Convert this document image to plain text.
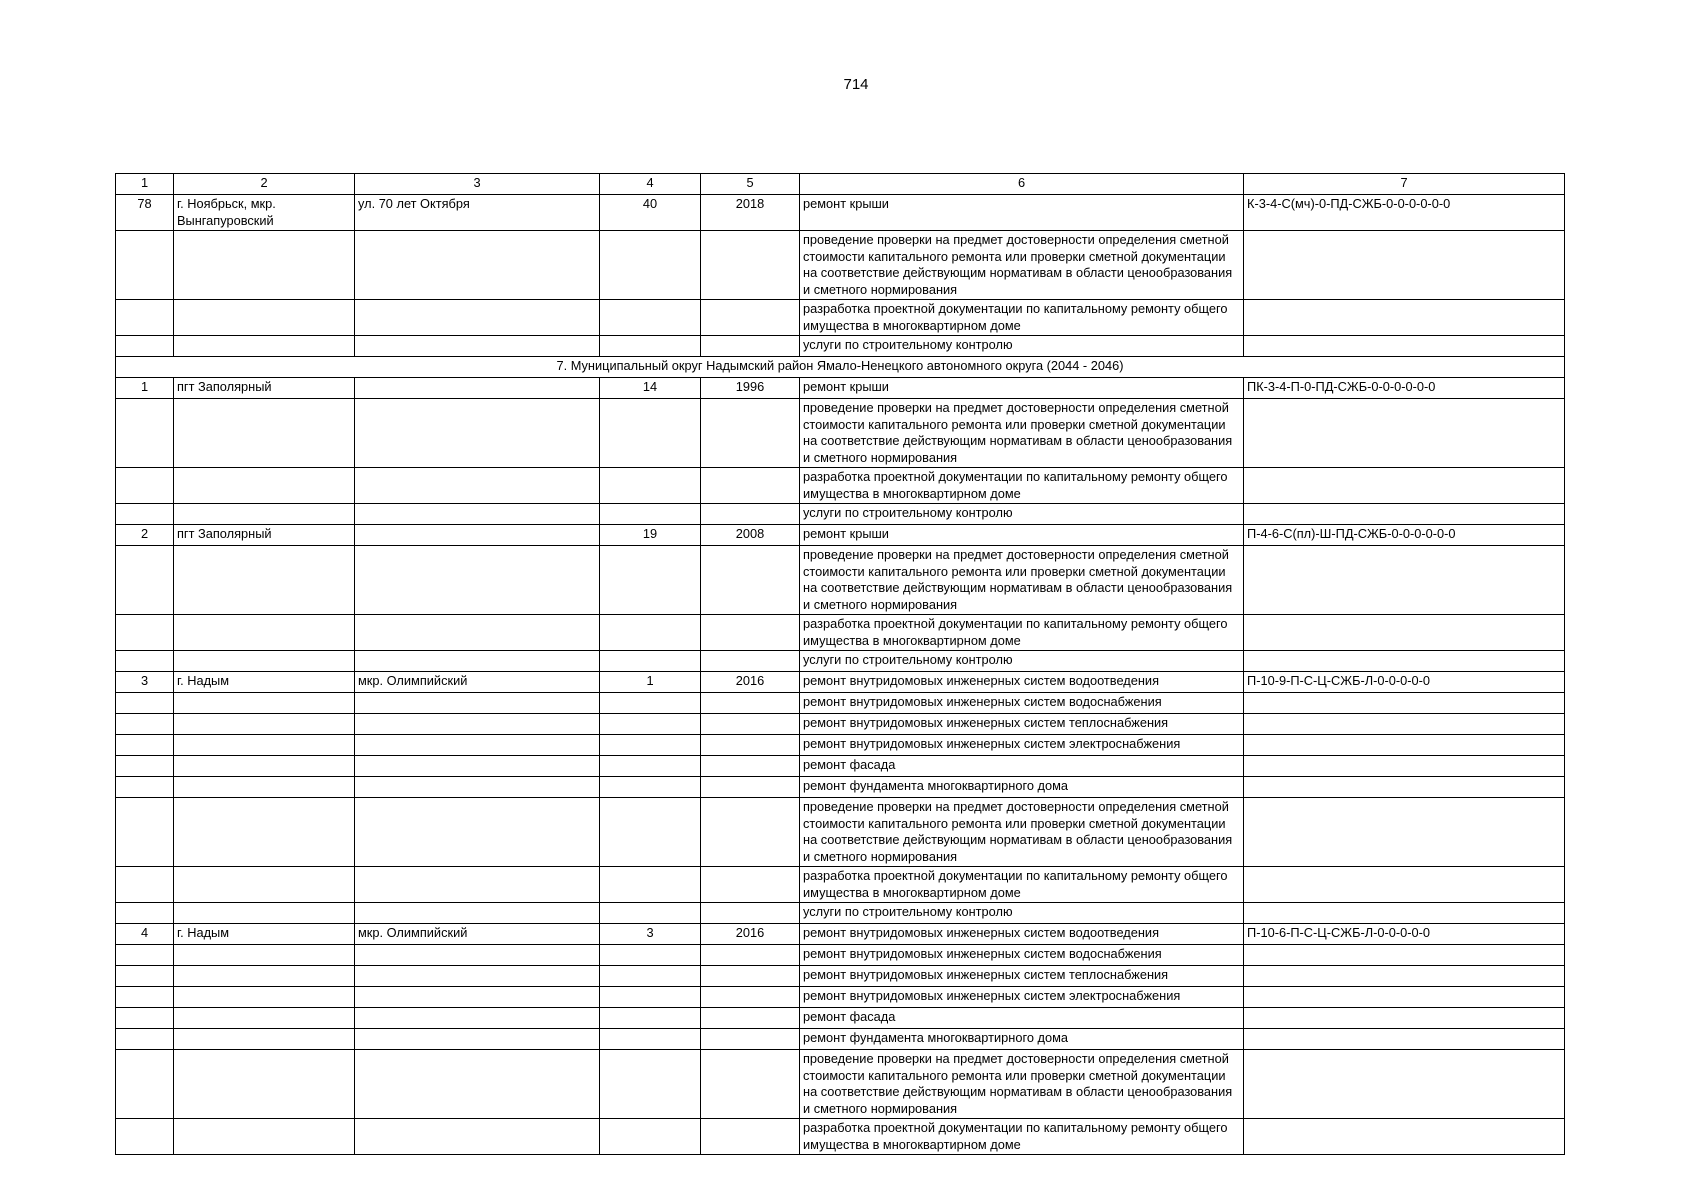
714
1	2	3	4	5	6	7
78	г. Ноябрьск, мкр. Вынгапуровский	ул. 70 лет Октября	40	2018	ремонт крыши	К-3-4-С(мч)-0-ПД-СЖБ-0-0-0-0-0-0
					проведение проверки на предмет достоверности определения сметной стоимости капитального ремонта или проверки сметной документации на соответствие действующим нормативам в области ценообразования и сметного нормирования	
					разработка проектной документации по капитальному ремонту общего имущества в многоквартирном доме	
					услуги по строительному контролю	
7. Муниципальный округ Надымский район Ямало-Ненецкого автономного округа (2044 - 2046)						
1	пгт Заполярный		14	1996	ремонт крыши	ПК-3-4-П-0-ПД-СЖБ-0-0-0-0-0-0
					проведение проверки на предмет достоверности определения сметной стоимости капитального ремонта или проверки сметной документации на соответствие действующим нормативам в области ценообразования и сметного нормирования	
					разработка проектной документации по капитальному ремонту общего имущества в многоквартирном доме	
					услуги по строительному контролю	
2	пгт Заполярный		19	2008	ремонт крыши	П-4-6-С(пл)-Ш-ПД-СЖБ-0-0-0-0-0-0
					проведение проверки на предмет достоверности определения сметной стоимости капитального ремонта или проверки сметной документации на соответствие действующим нормативам в области ценообразования и сметного нормирования	
					разработка проектной документации по капитальному ремонту общего имущества в многоквартирном доме	
					услуги по строительному контролю	
3	г. Надым	мкр. Олимпийский	1	2016	ремонт внутридомовых инженерных систем водоотведения	П-10-9-П-С-Ц-СЖБ-Л-0-0-0-0-0
					ремонт внутридомовых инженерных систем водоснабжения	
					ремонт внутридомовых инженерных систем теплоснабжения	
					ремонт внутридомовых инженерных систем электроснабжения	
					ремонт фасада	
					ремонт фундамента многоквартирного дома	
					проведение проверки на предмет достоверности определения сметной стоимости капитального ремонта или проверки сметной документации на соответствие действующим нормативам в области ценообразования и сметного нормирования	
					разработка проектной документации по капитальному ремонту общего имущества в многоквартирном доме	
					услуги по строительному контролю	
4	г. Надым	мкр. Олимпийский	3	2016	ремонт внутридомовых инженерных систем водоотведения	П-10-6-П-С-Ц-СЖБ-Л-0-0-0-0-0
					ремонт внутридомовых инженерных систем водоснабжения	
					ремонт внутридомовых инженерных систем теплоснабжения	
					ремонт внутридомовых инженерных систем электроснабжения	
					ремонт фасада	
					ремонт фундамента многоквартирного дома	
					проведение проверки на предмет достоверности определения сметной стоимости капитального ремонта или проверки сметной документации на соответствие действующим нормативам в области ценообразования и сметного нормирования	
					разработка проектной документации по капитальному ремонту общего имущества в многоквартирном доме	
